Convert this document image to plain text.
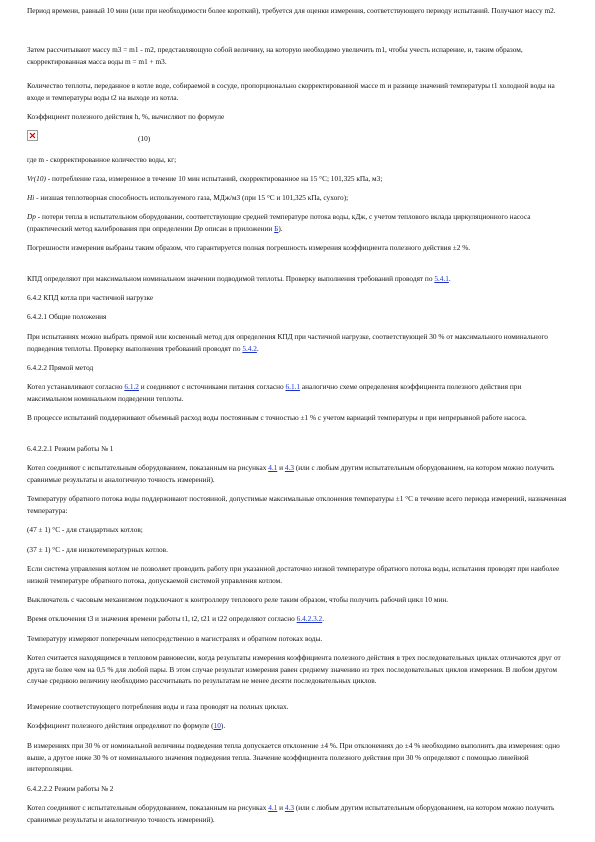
(10)

Период времени, равный 10 мин (или при необходимости более короткий), требуется для оценки измерения, соответствующего периоду испытаний. Получают массу m2.

Затем рассчитывают массу m3 = m1 - m2, представляющую собой величину, на которую необходимо увеличить m1, чтобы учесть испарение, и, таким образом, скорректированная масса воды m = m1 + m3.

Количество теплоты, переданное в котле воде, собираемой в сосуде, пропорционально скорректированной массе m и разнице значений температуры t1 холодной воды на входе и температуры воды t2 на выходе из котла.

Коэффициент полезного действия h, %, вычисляют по формуле

где m - скорректированное количество воды, кг;

Vr(10) - потребление газа, измеренное в течение 10 мин испытаний, скорректированное на 15 °С; 101,325 кПа, м3;

Hi - низшая теплотворная способность используемого газа, МДж/м3 (при 15 °С и 101,325 кПа, сухого);

Dp - потери тепла в испытательном оборудовании, соответствующие средней температуре потока воды, кДж, с учетом теплового вклада циркуляционного насоса (практический метод калибрования при определении Dp описан в приложении Б).

Погрешности измерения выбраны таким образом, что гарантируется полная погрешность измерения коэффициента полезного действия ±2 %.

КПД определяют при максимальном номинальном значении подводимой теплоты. Проверку выполнения требований проводят по 5.4.1.

6.4.2 КПД котла при частичной нагрузке

6.4.2.1 Общие положения

При испытаниях можно выбрать прямой или косвенный метод для определения КПД при частичной нагрузке, соответствующей 30 % от максимального номинального подведения теплоты. Проверку выполнения требований проводят по 5.4.2.

6.4.2.2 Прямой метод

Котел устанавливают согласно 6.1.2 и соединяют с источниками питания согласно 6.1.1 аналогично схеме определения коэффициента полезного действия при максимальном номинальном подведении теплоты.

В процессе испытаний поддерживают объемный расход воды постоянным с точностью ±1 % с учетом вариаций температуры и при непрерывной работе насоса.

6.4.2.2.1 Режим работы № 1

Котел соединяют с испытательным оборудованием, показанным на рисунках 4.1 и 4.3 (или с любым другим испытательным оборудованием, на котором можно получить сравнимые результаты и аналогичную точность измерений).

Температуру обратного потока воды поддерживают постоянной, допустимые максимальные отклонения температуры ±1 °С в течение всего периода измерений, назначенная температура:

(47 ± 1) °С - для стандартных котлов;

(37 ± 1) °С - для низкотемпературных котлов.

Если система управления котлом не позволяет проводить работу при указанной достаточно низкой температуре обратного потока воды, испытания проводят при наиболее низкой температуре обратного потока, допускаемой системой управления котлом.

Выключатель с часовым механизмом подключают к контроллеру теплового реле таким образом, чтобы получить рабочий цикл 10 мин.

Время отключения t3 и значения времени работы t1, t2, t21 и t22 определяют согласно 6.4.2.3.2.

Температуру измеряют поперечным непосредственно в магистралях и обратном потоках воды.

Котел считается находящимся в тепловом равновесии, когда результаты измерения коэффициента полезного действия в трех последовательных циклах отличаются друг от друга не более чем на 0,5 % для любой пары. В этом случае результат измерения равен среднему значению из трех последовательных циклов измерения. В любом другом случае среднюю величину необходимо рассчитывать по результатам не менее десяти последовательных циклов.

Измерение соответствующего потребления воды и газа проводят на полных циклах.

Коэффициент полезного действия определяют по формуле (10).

В измерениях при 30 % от номинальной величины подведения тепла допускается отклонение ±4 %. При отклонениях до ±4 % необходимо выполнить два измерения: одно выше, а другое ниже 30 % от номинального значения подведения тепла. Значение коэффициента полезного действия при 30 % определяют с помощью линейной интерполяции.

6.4.2.2.2 Режим работы № 2

Котел соединяют с испытательным оборудованием, показанным на рисунках 4.1 и 4.3 (или с любым другим испытательным оборудованием, на котором можно получить сравнимые результаты и аналогичную точность измерений).
